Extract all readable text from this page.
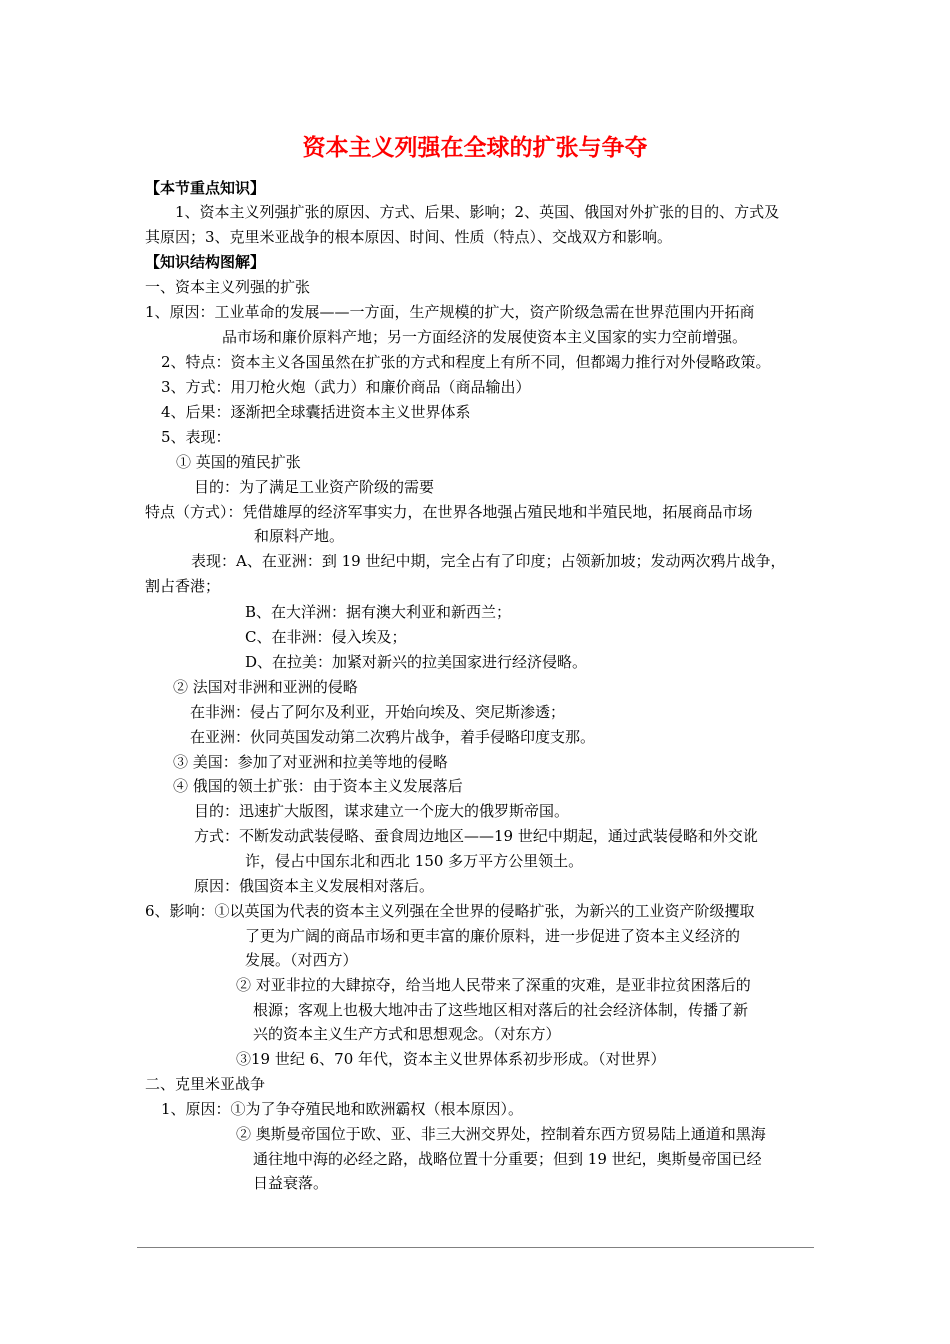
资本主义列强在全球的扩张与争夺
【本节重点知识】
1、资本主义列强扩张的原因、方式、后果、影响；2、英国、俄国对外扩张的目的、方式及
其原因；3、克里米亚战争的根本原因、时间、性质（特点）、交战双方和影响。
【知识结构图解】
一、资本主义列强的扩张
1、原因：工业革命的发展——一方面，生产规模的扩大，资产阶级急需在世界范围内开拓商
品市场和廉价原料产地；另一方面经济的发展使资本主义国家的实力空前增强。
2、特点：资本主义各国虽然在扩张的方式和程度上有所不同，但都竭力推行对外侵略政策。
3、方式：用刀枪火炮（武力）和廉价商品（商品输出）
4、后果：逐渐把全球囊括进资本主义世界体系
5、表现：
① 英国的殖民扩张
目的：为了满足工业资产阶级的需要
特点（方式）：凭借雄厚的经济军事实力，在世界各地强占殖民地和半殖民地，拓展商品市场
和原料产地。
表现：A、在亚洲：到 19 世纪中期，完全占有了印度；占领新加坡；发动两次鸦片战争，
割占香港；
B、在大洋洲：据有澳大利亚和新西兰；
C、在非洲：侵入埃及；
D、在拉美：加紧对新兴的拉美国家进行经济侵略。
② 法国对非洲和亚洲的侵略
在非洲：侵占了阿尔及利亚，开始向埃及、突尼斯渗透；
在亚洲：伙同英国发动第二次鸦片战争，着手侵略印度支那。
③ 美国：参加了对亚洲和拉美等地的侵略
④ 俄国的领土扩张：由于资本主义发展落后
目的：迅速扩大版图，谋求建立一个庞大的俄罗斯帝国。
方式：不断发动武装侵略、蚕食周边地区——19 世纪中期起，通过武装侵略和外交讹
诈，侵占中国东北和西北 150 多万平方公里领土。
原因：俄国资本主义发展相对落后。
6、影响：①以英国为代表的资本主义列强在全世界的侵略扩张，为新兴的工业资产阶级攫取
了更为广阔的商品市场和更丰富的廉价原料，进一步促进了资本主义经济的
发展。（对西方）
② 对亚非拉的大肆掠夺，给当地人民带来了深重的灾难，是亚非拉贫困落后的
根源；客观上也极大地冲击了这些地区相对落后的社会经济体制，传播了新
兴的资本主义生产方式和思想观念。（对东方）
③19 世纪 6、70 年代，资本主义世界体系初步形成。（对世界）
二、克里米亚战争
1、原因：①为了争夺殖民地和欧洲霸权（根本原因）。
② 奥斯曼帝国位于欧、亚、非三大洲交界处，控制着东西方贸易陆上通道和黑海
通往地中海的必经之路，战略位置十分重要；但到 19 世纪，奥斯曼帝国已经
日益衰落。
